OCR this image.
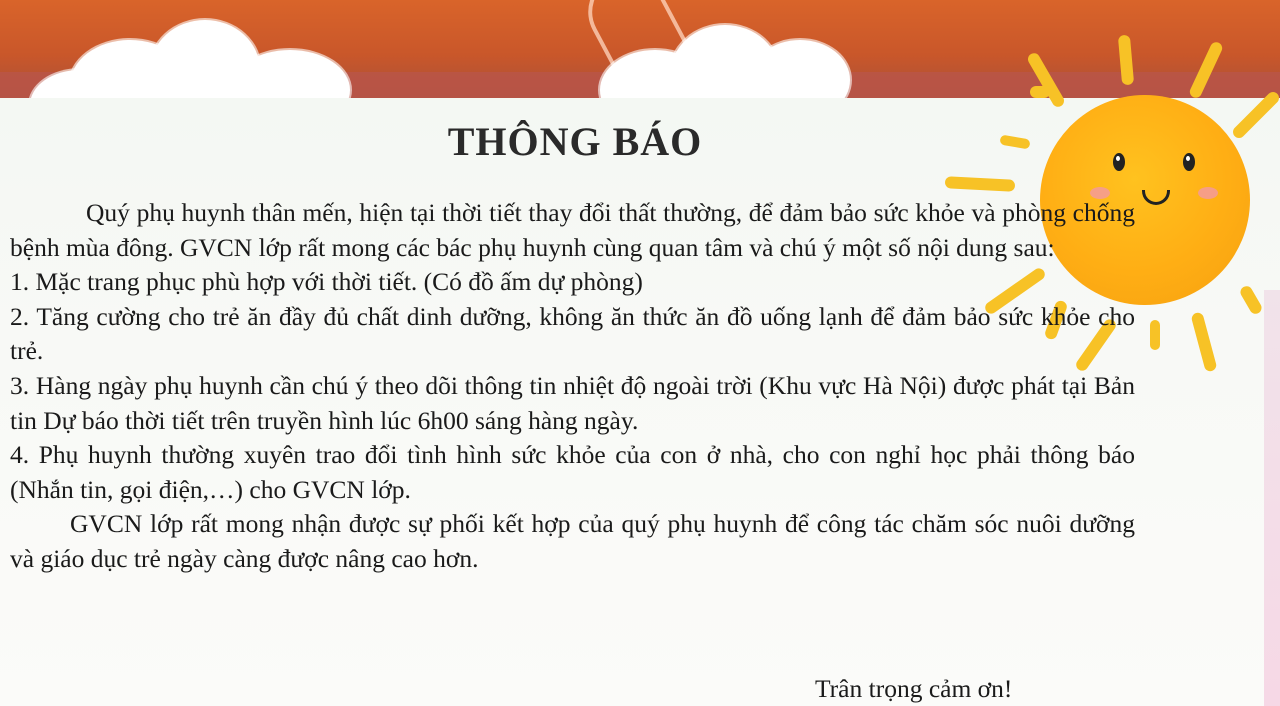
THÔNG BÁO

Quý phụ huynh thân mến, hiện tại thời tiết thay đổi thất thường, để đảm bảo sức khỏe và phòng chống bệnh mùa đông. GVCN lớp rất mong các bác phụ huynh cùng quan tâm và chú ý một số nội dung sau:

1. Mặc trang phục phù hợp với thời tiết. (Có đồ ấm dự phòng)

2. Tăng cường cho trẻ ăn đầy đủ chất dinh dưỡng, không ăn thức ăn đồ uống lạnh để đảm bảo sức khỏe cho trẻ.

3. Hàng ngày phụ huynh cần chú ý theo dõi thông tin nhiệt độ ngoài trời (Khu vực Hà Nội) được phát tại Bản tin Dự báo thời tiết trên truyền hình lúc 6h00 sáng hàng ngày.

4. Phụ huynh thường xuyên trao đổi tình hình sức khỏe của con ở nhà, cho con nghỉ học phải thông báo (Nhắn tin, gọi điện,…) cho GVCN lớp.

GVCN lớp rất mong nhận được sự phối kết hợp của quý phụ huynh để công tác chăm sóc nuôi dưỡng và giáo dục trẻ ngày càng được nâng cao hơn.

Trân trọng cảm ơn!
